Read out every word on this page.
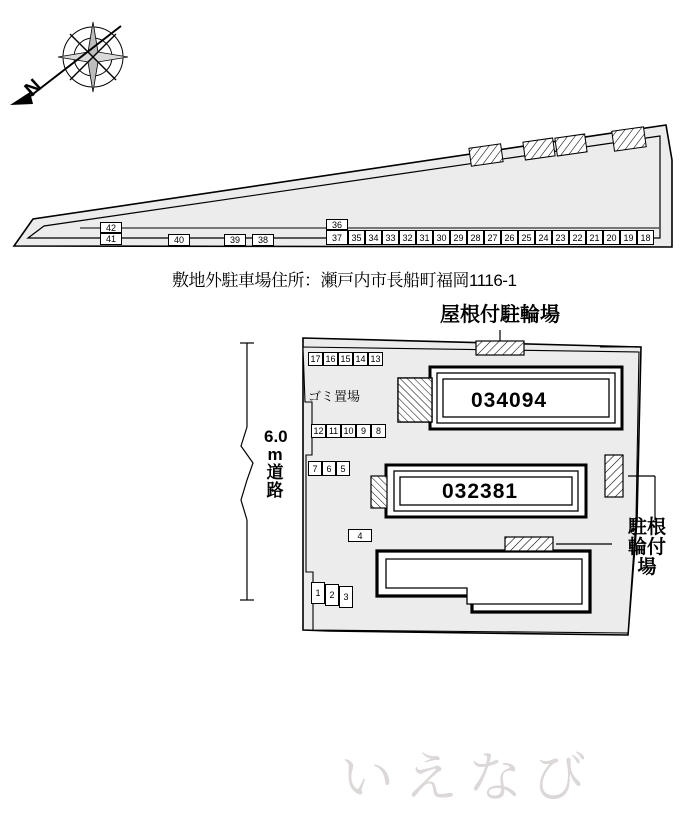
N
42
41	40	39	38
36
37	35 34 33 32 31 30 29 28 27 26 25 24 23 22 21 20 19 18
敷地外駐車場住所：瀬戸内市長船町福岡1116-1
屋根付駐輪場
ゴミ置場
6.0
m
道
路
駐根
輪付
場
034094
032381
17 16 15 14 13
12 11 10 9	8
7 6 5
4
1 2 3
いえなび
